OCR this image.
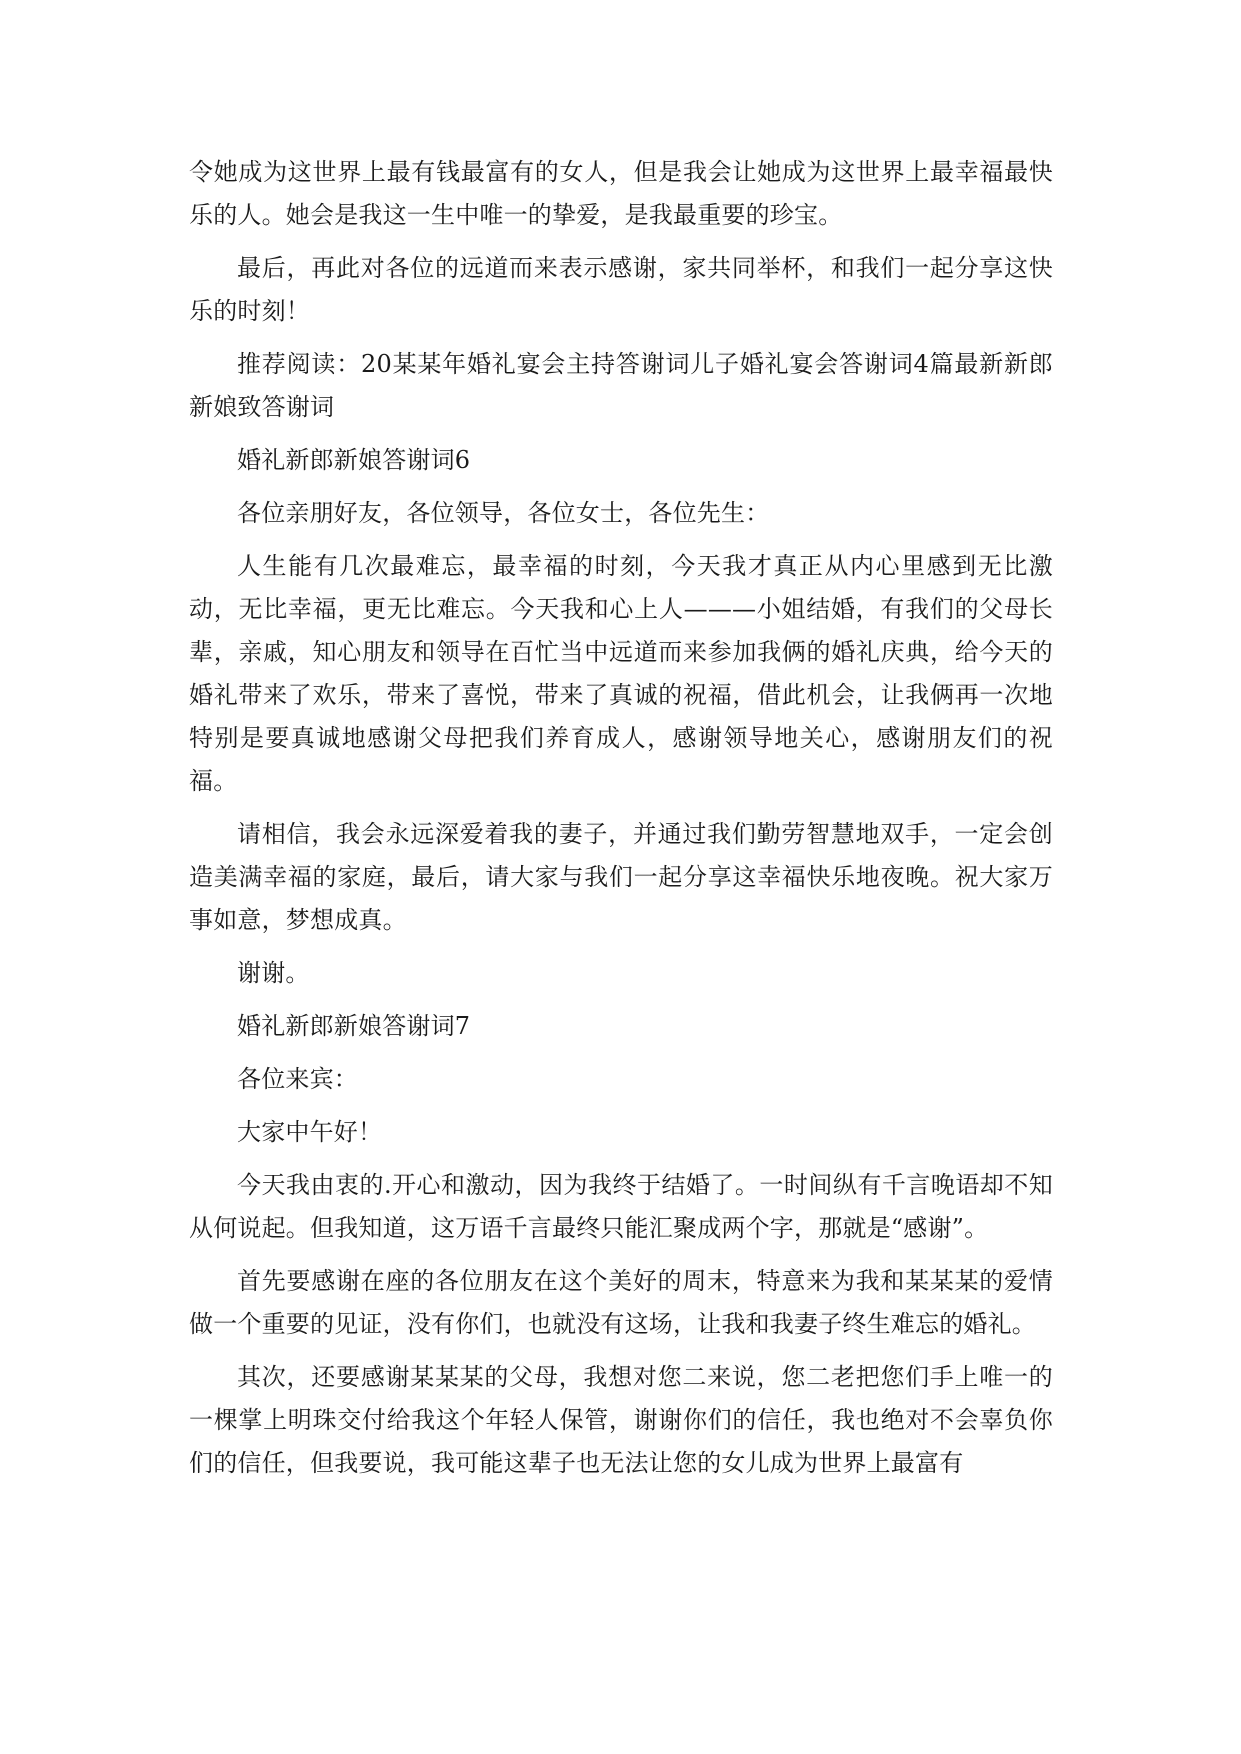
令她成为这世界上最有钱最富有的女人，但是我会让她成为这世界上最幸福最快乐的人。她会是我这一生中唯一的挚爱，是我最重要的珍宝。

最后，再此对各位的远道而来表示感谢，家共同举杯，和我们一起分享这快乐的时刻！

推荐阅读：20某某年婚礼宴会主持答谢词儿子婚礼宴会答谢词4篇最新新郎新娘致答谢词

婚礼新郎新娘答谢词6

各位亲朋好友，各位领导，各位女士，各位先生：

人生能有几次最难忘，最幸福的时刻，今天我才真正从内心里感到无比激动，无比幸福，更无比难忘。今天我和心上人———小姐结婚，有我们的父母长辈，亲戚，知心朋友和领导在百忙当中远道而来参加我俩的婚礼庆典，给今天的婚礼带来了欢乐，带来了喜悦，带来了真诚的祝福，借此机会，让我俩再一次地特别是要真诚地感谢父母把我们养育成人，感谢领导地关心，感谢朋友们的祝福。

请相信，我会永远深爱着我的妻子，并通过我们勤劳智慧地双手，一定会创造美满幸福的家庭，最后，请大家与我们一起分享这幸福快乐地夜晚。祝大家万事如意，梦想成真。

谢谢。

婚礼新郎新娘答谢词7

各位来宾：

大家中午好！

今天我由衷的.开心和激动，因为我终于结婚了。一时间纵有千言晚语却不知从何说起。但我知道，这万语千言最终只能汇聚成两个字，那就是“感谢”。

首先要感谢在座的各位朋友在这个美好的周末，特意来为我和某某某的爱情做一个重要的见证，没有你们，也就没有这场，让我和我妻子终生难忘的婚礼。

其次，还要感谢某某某的父母，我想对您二来说，您二老把您们手上唯一的一棵掌上明珠交付给我这个年轻人保管，谢谢你们的信任，我也绝对不会辜负你们的信任，但我要说，我可能这辈子也无法让您的女儿成为世界上最富有
